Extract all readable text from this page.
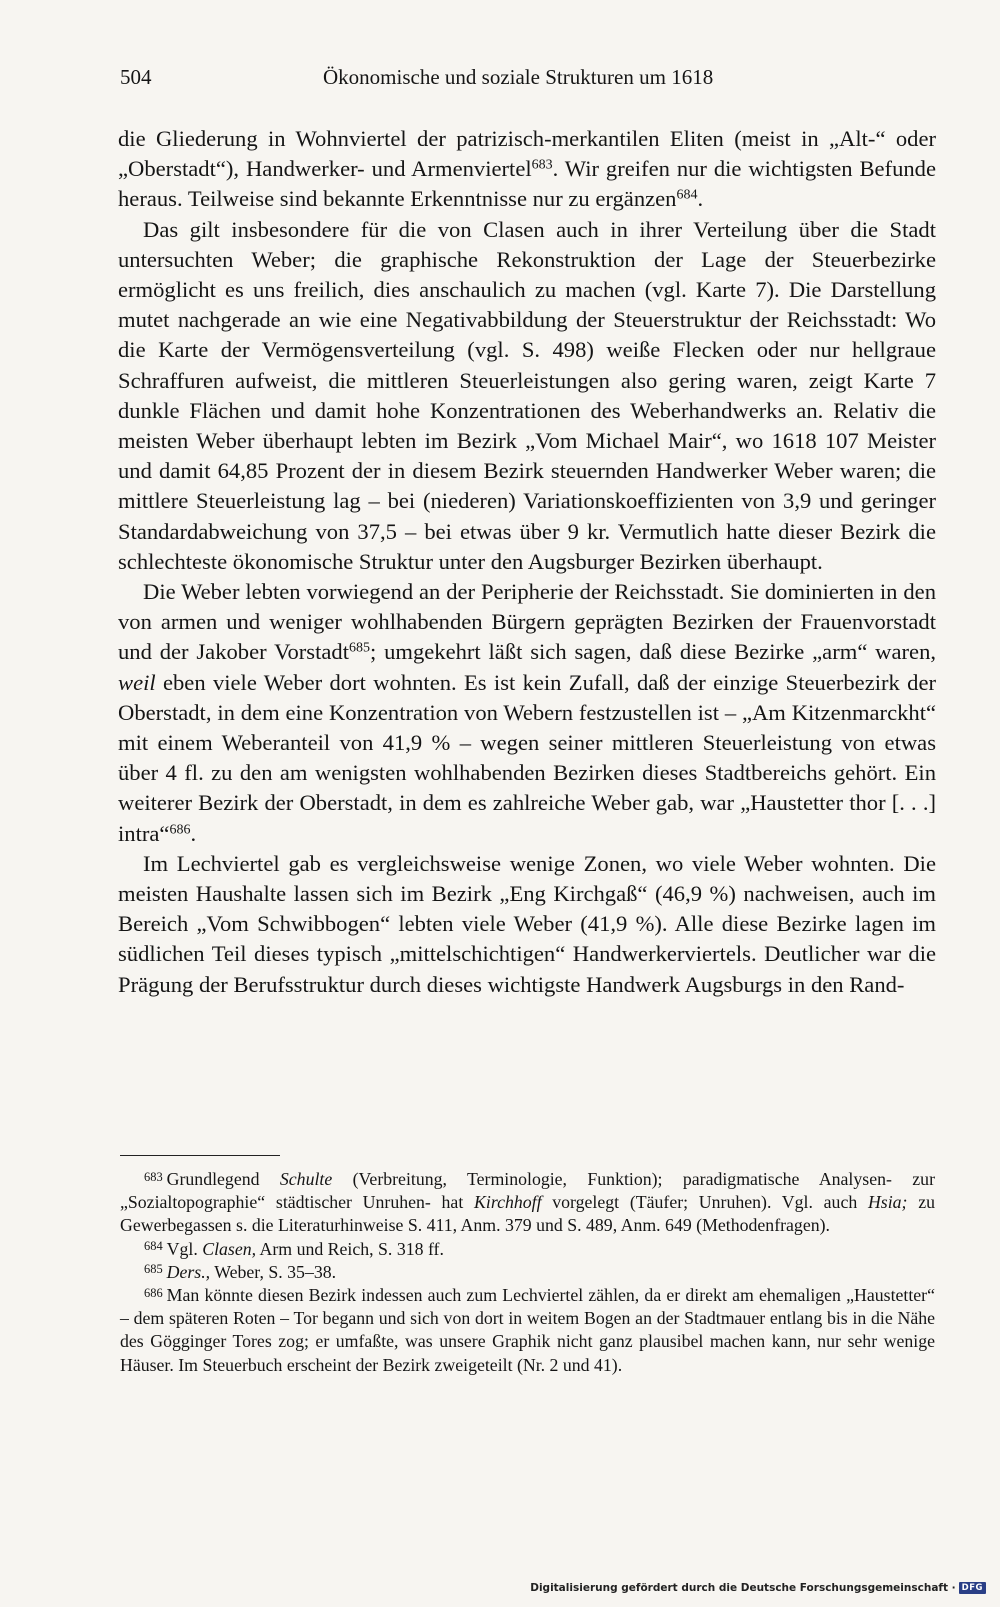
504	Ökonomische und soziale Strukturen um 1618

die Gliederung in Wohnviertel der patrizisch-merkantilen Eliten (meist in „Alt-“ oder „Oberstadt“), Handwerker- und Armenviertel$^{683}$. Wir greifen nur die wichtigsten Befunde heraus. Teilweise sind bekannte Erkenntnisse nur zu ergänzen$^{684}$.

Das gilt insbesondere für die von Clasen auch in ihrer Verteilung über die Stadt untersuchten Weber; die graphische Rekonstruktion der Lage der Steuerbezirke ermöglicht es uns freilich, dies anschaulich zu machen (vgl. Karte 7). Die Darstellung mutet nachgerade an wie eine Negativabbildung der Steuerstruktur der Reichsstadt: Wo die Karte der Vermögensverteilung (vgl. S. 498) weiße Flecken oder nur hellgraue Schraffuren aufweist, die mittleren Steuerleistungen also gering waren, zeigt Karte 7 dunkle Flächen und damit hohe Konzentrationen des Weberhandwerks an. Relativ die meisten Weber überhaupt lebten im Bezirk „Vom Michael Mair“, wo 1618 107 Meister und damit 64,85 Prozent der in diesem Bezirk steuernden Handwerker Weber waren; die mittlere Steuerleistung lag – bei (niederen) Variationskoeffizienten von 3,9 und geringer Standardabweichung von 37,5 – bei etwas über 9 kr. Vermutlich hatte dieser Bezirk die schlechteste ökonomische Struktur unter den Augsburger Bezirken überhaupt.

Die Weber lebten vorwiegend an der Peripherie der Reichsstadt. Sie dominierten in den von armen und weniger wohlhabenden Bürgern geprägten Bezirken der Frauenvorstadt und der Jakober Vorstadt$^{685}$; umgekehrt läßt sich sagen, daß diese Bezirke „arm“ waren, weil eben viele Weber dort wohnten. Es ist kein Zufall, daß der einzige Steuerbezirk der Oberstadt, in dem eine Konzentration von Webern festzustellen ist – „Am Kitzenmarckht“ mit einem Weberanteil von 41,9 % – wegen seiner mittleren Steuerleistung von etwas über 4 fl. zu den am wenigsten wohlhabenden Bezirken dieses Stadtbereichs gehört. Ein weiterer Bezirk der Oberstadt, in dem es zahlreiche Weber gab, war „Haustetter thor [. . .] intra“$^{686}$.

Im Lechviertel gab es vergleichsweise wenige Zonen, wo viele Weber wohnten. Die meisten Haushalte lassen sich im Bezirk „Eng Kirchgaß“ (46,9 %) nachweisen, auch im Bereich „Vom Schwibbogen“ lebten viele Weber (41,9 %). Alle diese Bezirke lagen im südlichen Teil dieses typisch „mittelschichtigen“ Handwerkerviertels. Deutlicher war die Prägung der Berufsstruktur durch dieses wichtigste Handwerk Augsburgs in den Rand-

$^{683}$ Grundlegend Schulte (Verbreitung, Terminologie, Funktion); paradigmatische Analysen- zur „Sozialtopographie“ städtischer Unruhen- hat Kirchhoff vorgelegt (Täufer; Unruhen). Vgl. auch Hsia; zu Gewerbegassen s. die Literaturhinweise S. 411, Anm. 379 und S. 489, Anm. 649 (Methodenfragen).

$^{684}$ Vgl. Clasen, Arm und Reich, S. 318 ff.

$^{685}$ Ders., Weber, S. 35–38.

$^{686}$ Man könnte diesen Bezirk indessen auch zum Lechviertel zählen, da er direkt am ehemaligen „Haustetter“ – dem späteren Roten – Tor begann und sich von dort in weitem Bogen an der Stadtmauer entlang bis in die Nähe des Gögginger Tores zog; er umfaßte, was unsere Graphik nicht ganz plausibel machen kann, nur sehr wenige Häuser. Im Steuerbuch erscheint der Bezirk zweigeteilt (Nr. 2 und 41).

Digitalisierung gefördert durch die Deutsche Forschungsgemeinschaft · DFG
